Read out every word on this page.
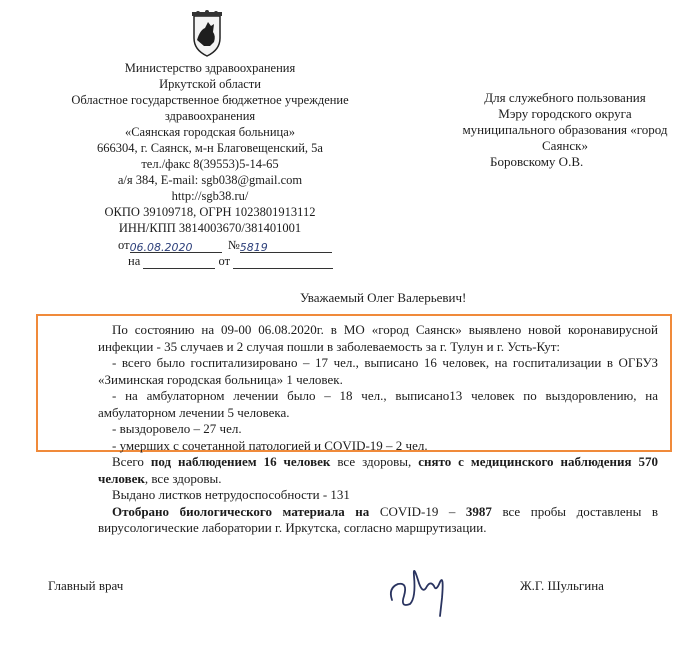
Министерство здравоохранения
Иркутской области
Областное государственное бюджетное учреждение
здравоохранения
«Саянская городская больница»
666304, г. Саянск, м-н Благовещенский, 5а
тел./факс 8(39553)5-14-65
а/я 384, E-mail: sgb038@gmail.com
http://sgb38.ru/
ОКПО 39109718, ОГРН 1023801913112
ИНН/КПП 3814003670/381401001
от06.08.2020	№5819
на	от
Для служебного пользования
Мэру городского округа
муниципального образования «город
Саянск»
Боровскому О.В.
Уважаемый Олег Валерьевич!

По состоянию на 09-00 06.08.2020г. в МО «город Саянск» выявлено новой коронавирусной инфекции - 35 случаев и 2 случая пошли в заболеваемость за г. Тулун и г. Усть-Кут:

- всего было госпитализировано – 17 чел., выписано 16 человек, на госпитализации в ОГБУЗ «Зиминская городская больница» 1 человек.

- на амбулаторном лечении было – 18 чел., выписано13 человек по выздоровлению, на амбулаторном лечении 5 человека.

- выздоровело – 27 чел.

- умерших с сочетанной патологией и COVID-19 – 2 чел.

Всего под наблюдением 16 человек все здоровы, снято с медицинского наблюдения 570 человек, все здоровы.

Выдано листков нетрудоспособности - 131

Отобрано биологического материала на COVID-19 – 3987 все пробы доставлены в вирусологические лаборатории г. Иркутска, согласно маршрутизации.

Главный врач	Ж.Г. Шульгина
